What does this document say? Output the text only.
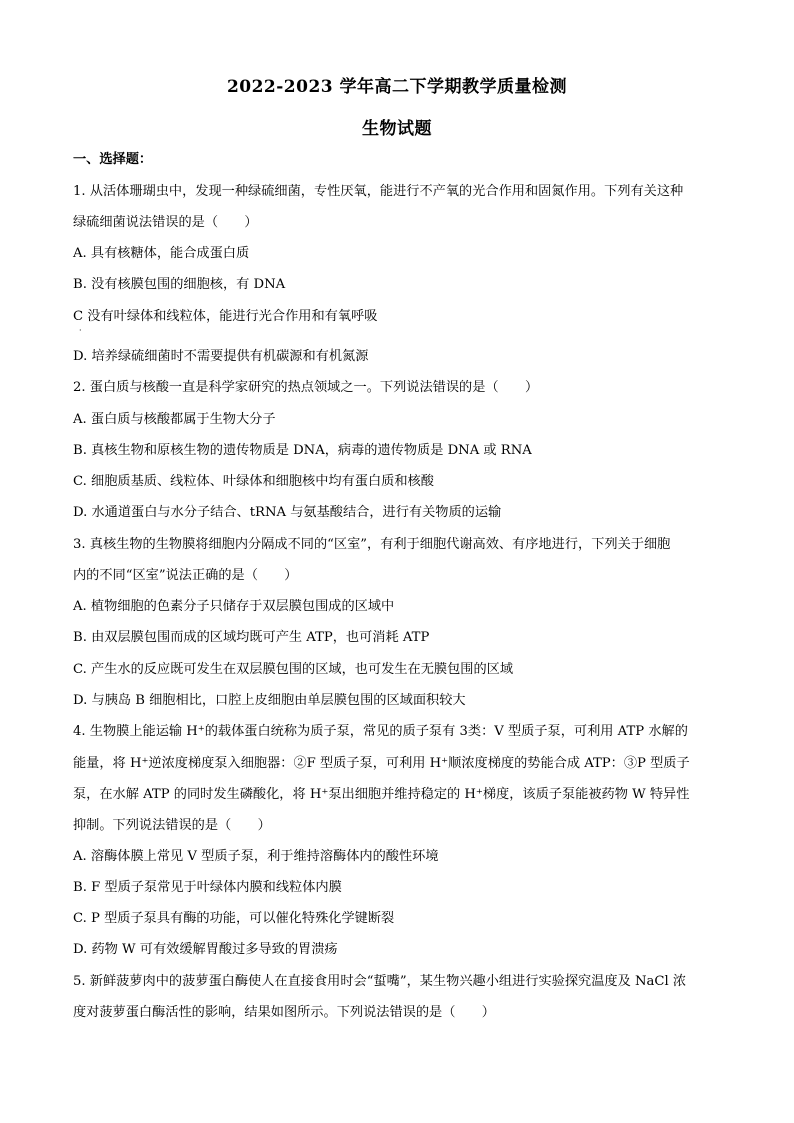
2022-2023 学年高二下学期教学质量检测
生物试题
一、选择题：
1. 从活体珊瑚虫中，发现一种绿硫细菌，专性厌氧，能进行不产氧的光合作用和固氮作用。下列有关这种
绿硫细菌说法错误的是（　　）
A. 具有核糖体，能合成蛋白质
B. 没有核膜包围的细胞核，有 DNA
C 没有叶绿体和线粒体，能进行光合作用和有氧呼吸
·
D. 培养绿硫细菌时不需要提供有机碳源和有机氮源
2. 蛋白质与核酸一直是科学家研究的热点领域之一。下列说法错误的是（　　）
A. 蛋白质与核酸都属于生物大分子
B. 真核生物和原核生物的遗传物质是 DNA，病毒的遗传物质是 DNA 或 RNA
C. 细胞质基质、线粒体、叶绿体和细胞核中均有蛋白质和核酸
D. 水通道蛋白与水分子结合、tRNA 与氨基酸结合，进行有关物质的运输
3. 真核生物的生物膜将细胞内分隔成不同的“区室”，有利于细胞代谢高效、有序地进行，下列关于细胞
内的不同“区室”说法正确的是（　　）
A. 植物细胞的色素分子只储存于双层膜包围成的区域中
B. 由双层膜包围而成的区域均既可产生 ATP，也可消耗 ATP
C. 产生水的反应既可发生在双层膜包围的区域，也可发生在无膜包围的区域
D. 与胰岛 B 细胞相比，口腔上皮细胞由单层膜包围的区域面积较大
4. 生物膜上能运输 H⁺的载体蛋白统称为质子泵，常见的质子泵有 3类：V 型质子泵，可利用 ATP 水解的
能量，将 H⁺逆浓度梯度泵入细胞器：②F 型质子泵，可利用 H⁺顺浓度梯度的势能合成 ATP：③P 型质子
泵，在水解 ATP 的同时发生磷酸化，将 H⁺泵出细胞并维持稳定的 H⁺梯度，该质子泵能被药物 W 特异性
抑制。下列说法错误的是（　　）
A. 溶酶体膜上常见 V 型质子泵，利于维持溶酶体内的酸性环境
B. F 型质子泵常见于叶绿体内膜和线粒体内膜
C. P 型质子泵具有酶的功能，可以催化特殊化学键断裂
D. 药物 W 可有效缓解胃酸过多导致的胃溃疡
5. 新鲜菠萝肉中的菠萝蛋白酶使人在直接食用时会“蜇嘴”，某生物兴趣小组进行实验探究温度及 NaCl 浓
度对菠萝蛋白酶活性的影响，结果如图所示。下列说法错误的是（　　）
